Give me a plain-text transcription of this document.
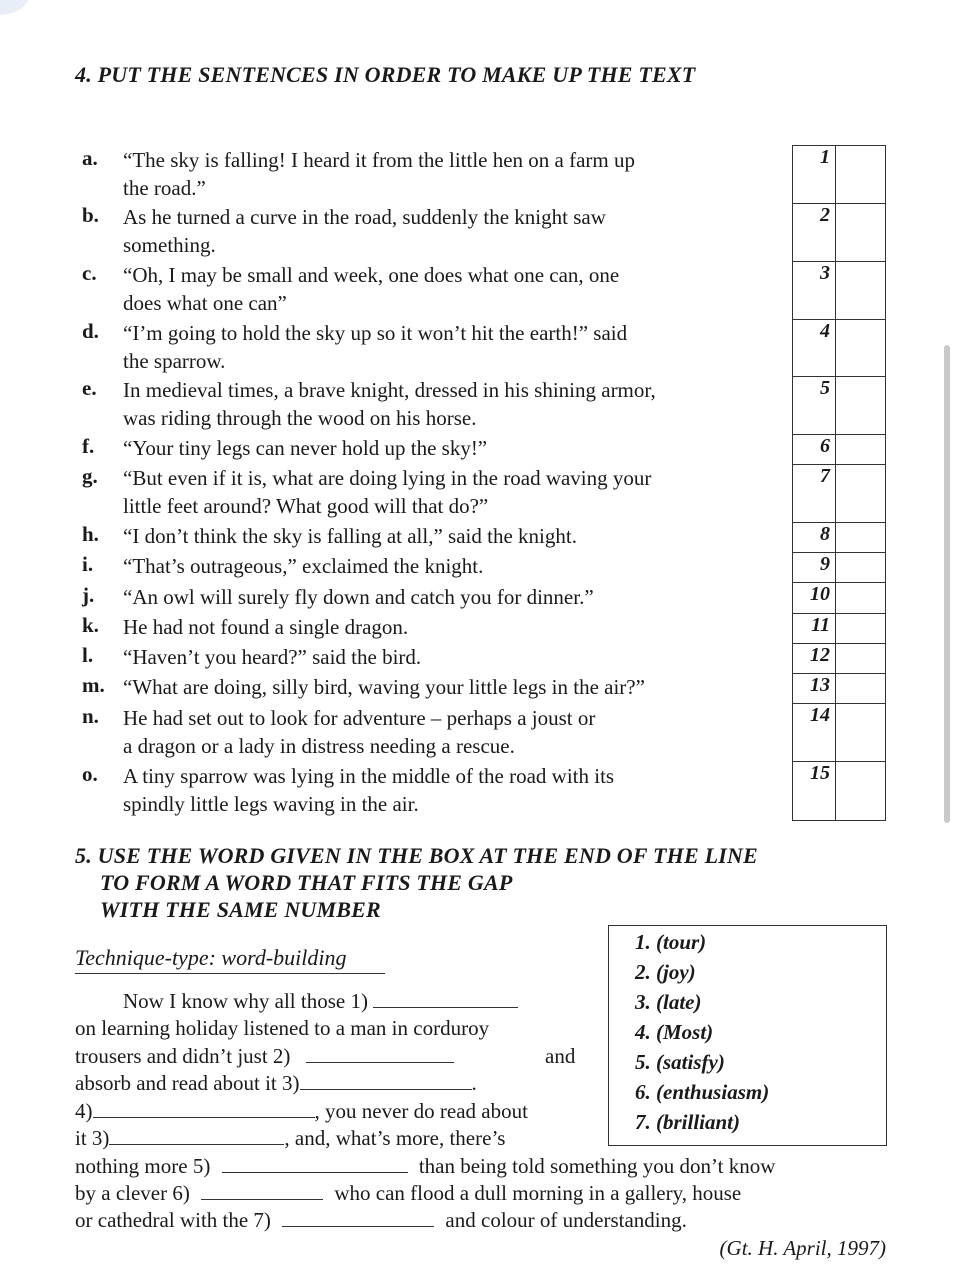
4. PUT THE SENTENCES IN ORDER TO MAKE UP THE TEXT
a.	“The sky is falling! I heard it from the little hen on a farm up
the road.”
b.	As he turned a curve in the road, suddenly the knight saw
something.
c.	“Oh, I may be small and week, one does what one can, one
does what one can”
d.	“I’m going to hold the sky up so it won’t hit the earth!” said
the sparrow.
e.	In medieval times, a brave knight, dressed in his shining armor,
was riding through the wood on his horse.
f.	“Your tiny legs can never hold up the sky!”
g.	“But even if it is, what are doing lying in the road waving your
little feet around? What good will that do?”
h.	“I don’t think the sky is falling at all,” said the knight.
i.	“That’s outrageous,” exclaimed the knight.
j.	“An owl will surely fly down and catch you for dinner.”
k.	He had not found a single dragon.
l.	“Haven’t you heard?” said the bird.
m. “What are doing, silly bird, waving your little legs in the air?”
n.	He had set out to look for adventure – perhaps a joust or
a dragon or a lady in distress needing a rescue.
o.	A tiny sparrow was lying in the middle of the road with its
spindly little legs waving in the air.
1
2
3
4
5
6
7
8
9
10
11
12
13
14
15
5. USE THE WORD GIVEN IN THE BOX AT THE END OF THE LINE
TO FORM A WORD THAT FITS THE GAP
WITH THE SAME NUMBER
Technique-type: word-building
1. (tour)
2. (joy)
3. (late)
4. (Most)
5. (satisfy)
6. (enthusiasm)
7. (brilliant)
Now I know why all those 1)
on learning holiday listened to a man in corduroy
trousers and didn’t just 2)	and
absorb and read about it 3)	.
4)	, you never do read about
it 3)	, and, what’s more, there’s
nothing more 5)	than being told something you don’t know
by a clever 6)	who can flood a dull morning in a gallery, house
or cathedral with the 7)	and colour of understanding.
(Gt. H. April, 1997)
